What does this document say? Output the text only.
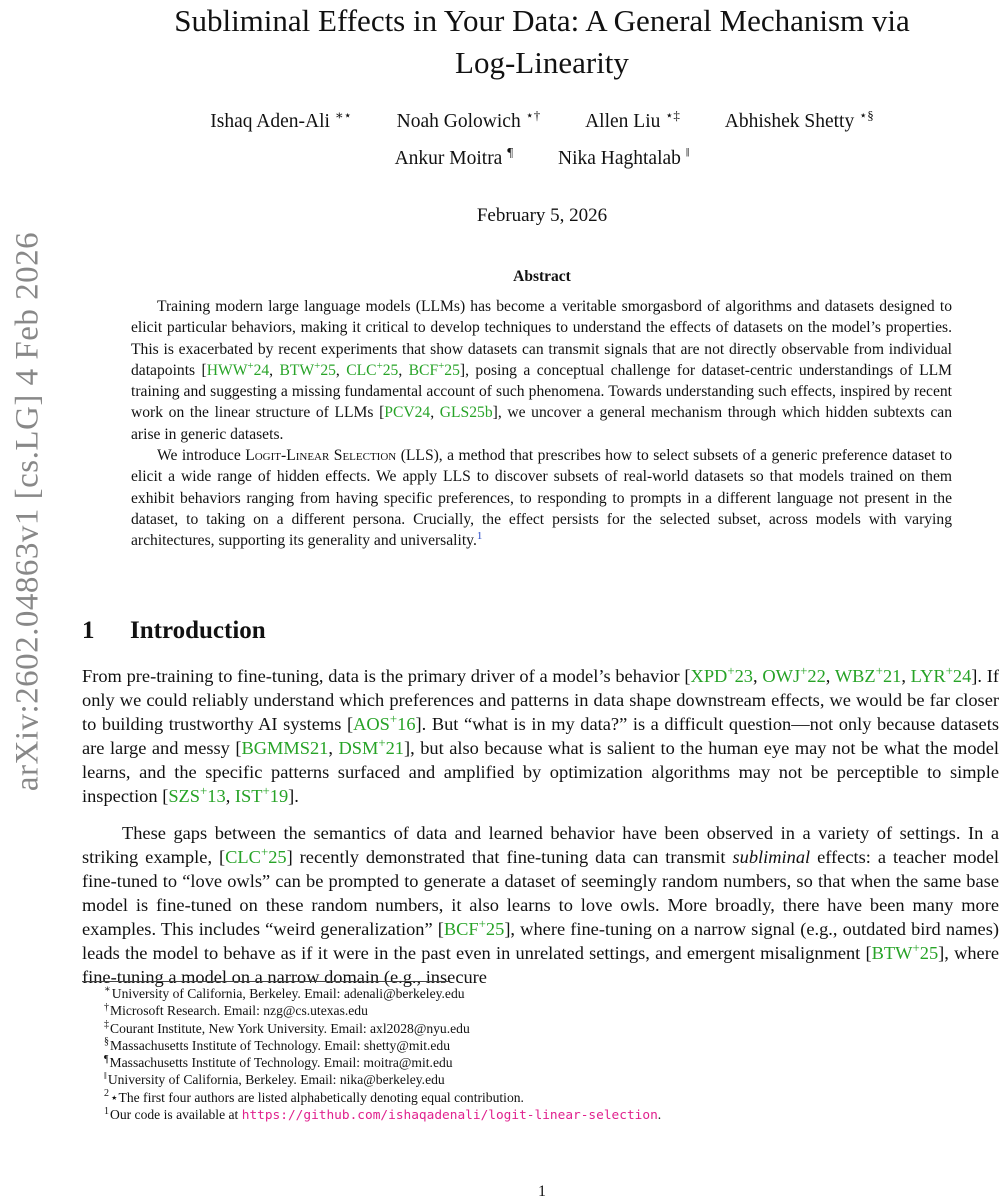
arXiv:2602.04863v1 [cs.LG] 4 Feb 2026
Subliminal Effects in Your Data: A General Mechanism via
Log-Linearity
Ishaq Aden-Ali ∗⋆ Noah Golowich ⋆† Allen Liu ⋆‡ Abhishek Shetty ⋆§
Ankur Moitra ¶ Nika Haghtalab ‖
February 5, 2026
Abstract

Training modern large language models (LLMs) has become a veritable smorgasbord of algorithms and datasets designed to elicit particular behaviors, making it critical to develop techniques to understand the effects of datasets on the model’s properties. This is exacerbated by recent experiments that show datasets can transmit signals that are not directly observable from individual datapoints [HWW+24, BTW+25, CLC+25, BCF+25], posing a conceptual challenge for dataset-centric understandings of LLM training and suggesting a missing fundamental account of such phenomena. Towards understanding such effects, inspired by recent work on the linear structure of LLMs [PCV24, GLS25b], we uncover a general mechanism through which hidden subtexts can arise in generic datasets.

We introduce Logit-Linear Selection (LLS), a method that prescribes how to select subsets of a generic preference dataset to elicit a wide range of hidden effects. We apply LLS to discover subsets of real-world datasets so that models trained on them exhibit behaviors ranging from having specific preferences, to responding to prompts in a different language not present in the dataset, to taking on a different persona. Crucially, the effect persists for the selected subset, across models with varying architectures, supporting its generality and universality.$^1$

1 Introduction

From pre-training to fine-tuning, data is the primary driver of a model’s behavior [XPD+23, OWJ+22, WBZ+21, LYR+24]. If only we could reliably understand which preferences and patterns in data shape downstream effects, we would be far closer to building trustworthy AI systems [AOS+16]. But “what is in my data?” is a difficult question—not only because datasets are large and messy [BGMMS21, DSM+21], but also because what is salient to the human eye may not be what the model learns, and the specific patterns surfaced and amplified by optimization algorithms may not be perceptible to simple inspection [SZS+13, IST+19].

These gaps between the semantics of data and learned behavior have been observed in a variety of settings. In a striking example, [CLC+25] recently demonstrated that fine-tuning data can transmit subliminal effects: a teacher model fine-tuned to “love owls” can be prompted to generate a dataset of seemingly random numbers, so that when the same base model is fine-tuned on these random numbers, it also learns to love owls. More broadly, there have been many more examples. This includes “weird generalization” [BCF+25], where fine-tuning on a narrow signal (e.g., outdated bird names) leads the model to behave as if it were in the past even in unrelated settings, and emergent misalignment [BTW+25], where fine-tuning a model on a narrow domain (e.g., insecure

∗University of California, Berkeley. Email: adenali@berkeley.edu
†Microsoft Research. Email: nzg@cs.utexas.edu
‡Courant Institute, New York University. Email: axl2028@nyu.edu
§Massachusetts Institute of Technology. Email: shetty@mit.edu
¶Massachusetts Institute of Technology. Email: moitra@mit.edu
‖University of California, Berkeley. Email: nika@berkeley.edu
$^2$⋆The first four authors are listed alphabetically denoting equal contribution.
$^1$Our code is available at https://github.com/ishaqadenali/logit-linear-selection.
1
